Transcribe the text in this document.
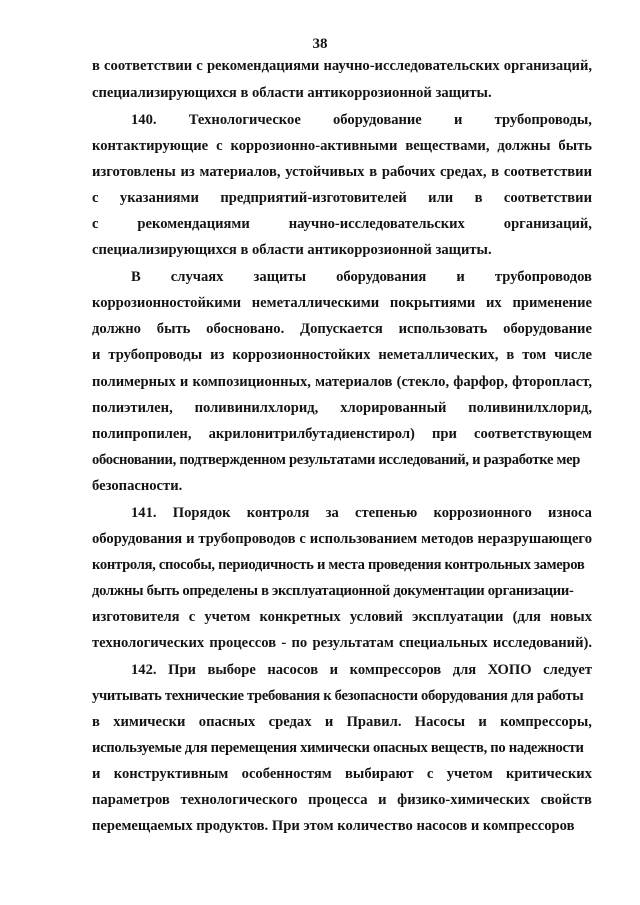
38
в соответствии с рекомендациями научно-исследовательских организаций,
специализирующихся в области антикоррозионной защиты.
140. Технологическое оборудование и трубопроводы,
контактирующие с коррозионно-активными веществами, должны быть
изготовлены из материалов, устойчивых в рабочих средах, в соответствии
с указаниями предприятий-изготовителей или в соответствии
с	рекомендациями	научно-исследовательских	организаций,
специализирующихся в области антикоррозионной защиты.
В случаях защиты оборудования и трубопроводов
коррозионностойкими неметаллическими покрытиями их применение
должно быть обосновано. Допускается использовать оборудование
и трубопроводы из коррозионностойких неметаллических, в том числе
полимерных и композиционных, материалов (стекло, фарфор, фторопласт,
полиэтилен, поливинилхлорид, хлорированный поливинилхлорид,
полипропилен, акрилонитрилбутадиенстирол) при соответствующем
обосновании, подтвержденном результатами исследований, и разработке мер
безопасности.
141. Порядок контроля за степенью коррозионного износа
оборудования и трубопроводов с использованием методов неразрушающего
контроля, способы, периодичность и места проведения контрольных замеров
должны быть определены в эксплуатационной документации организации-
изготовителя с учетом конкретных условий эксплуатации (для новых
технологических процессов - по результатам специальных исследований).
142. При выборе насосов и компрессоров для ХОПО следует
учитывать технические требования к безопасности оборудования для работы
в химически опасных средах и Правил. Насосы и компрессоры,
используемые для перемещения химически опасных веществ, по надежности
и конструктивным особенностям выбирают с учетом критических
параметров технологического процесса и физико-химических свойств
перемещаемых продуктов. При этом количество насосов и компрессоров
